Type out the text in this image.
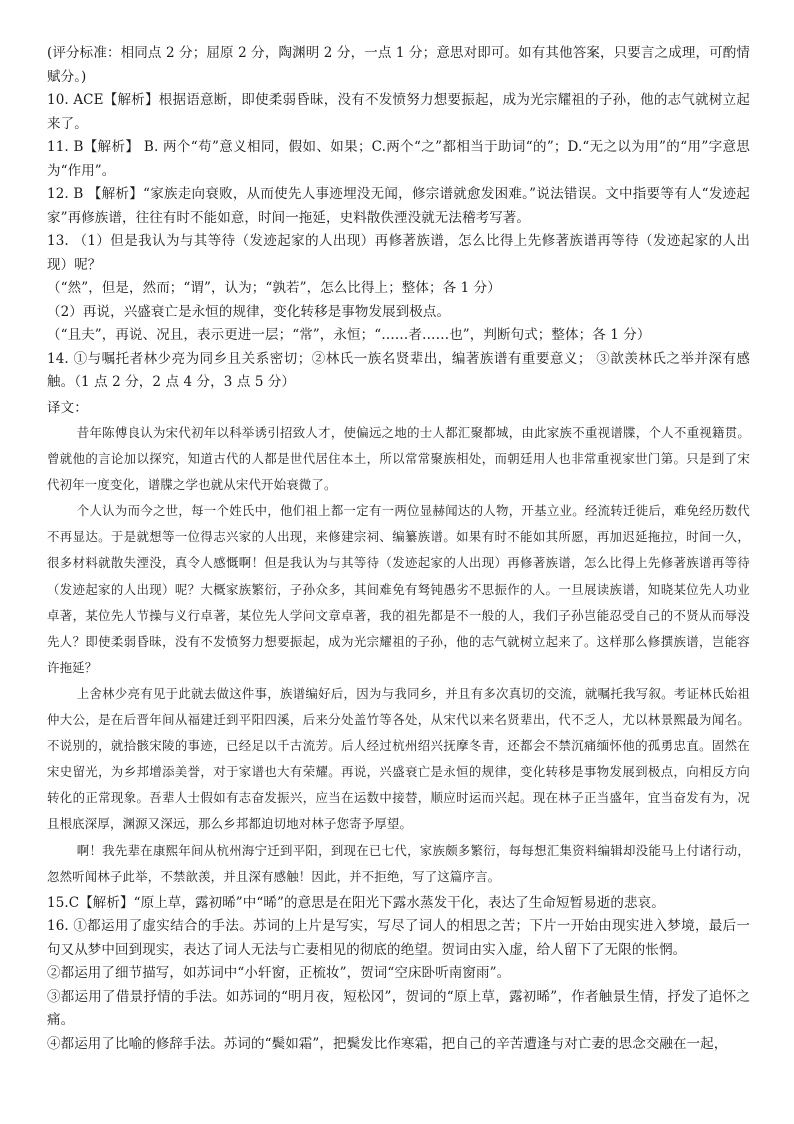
(评分标准：相同点 2 分；屈原 2 分，陶渊明 2 分，一点 1 分；意思对即可。如有其他答案，只要言之成理，可酌情赋分。)

10. ACE【解析】根据语意断，即使柔弱昏昧，没有不发愤努力想要振起，成为光宗耀祖的子孙，他的志气就树立起来了。

11. B【解析】 B. 两个“苟”意义相同，假如、如果；C.两个“之”都相当于助词“的”；D.“无之以为用”的“用”字意思为“作用”。

12. B 【解析】“家族走向衰败，从而使先人事迹埋没无闻，修宗谱就愈发困难。”说法错误。文中指要等有人“发迹起家”再修族谱，往往有时不能如意，时间一拖延，史料散佚湮没就无法稽考写著。

13. （1）但是我认为与其等待（发迹起家的人出现）再修著族谱，怎么比得上先修著族谱再等待（发迹起家的人出现）呢？

（“然”，但是，然而；“谓”，认为；“孰若”，怎么比得上；整体；各 1 分）

（2）再说，兴盛衰亡是永恒的规律，变化转移是事物发展到极点。

（“且夫”，再说、况且，表示更进一层；“常”，永恒；“……者……也”，判断句式；整体；各 1 分）

14. ①与嘱托者林少亮为同乡且关系密切；②林氏一族名贤辈出，编著族谱有重要意义； ③歆羡林氏之举并深有感触。（1 点 2 分，2 点 4 分，3 点 5 分）

译文：

昔年陈傅良认为宋代初年以科举诱引招致人才，使偏远之地的士人都汇聚都城，由此家族不重视谱牒，个人不重视籍贯。曾就他的言论加以探究，知道古代的人都是世代居住本土，所以常常聚族相处，而朝廷用人也非常重视家世门第。只是到了宋代初年一度变化，谱牒之学也就从宋代开始衰微了。

个人认为而今之世，每一个姓氏中，他们祖上都一定有一两位显赫闻达的人物，开基立业。经流转迁徙后，难免经历数代不再显达。于是就想等一位得志兴家的人出现，来修建宗祠、编纂族谱。如果有时不能如其所愿，再加迟延拖拉，时间一久，很多材料就散失湮没，真令人感慨啊！但是我认为与其等待（发迹起家的人出现）再修著族谱，怎么比得上先修著族谱再等待（发迹起家的人出现）呢？大概家族繁衍，子孙众多，其间难免有驽钝愚劣不思振作的人。一旦展读族谱，知晓某位先人功业卓著，某位先人节操与义行卓著，某位先人学问文章卓著，我的祖先都是不一般的人，我们子孙岂能忍受自己的不贤从而辱没先人？即使柔弱昏昧，没有不发愤努力想要振起，成为光宗耀祖的子孙，他的志气就树立起来了。这样那么修撰族谱，岂能容许拖延？

上舍林少亮有见于此就去做这件事，族谱编好后，因为与我同乡，并且有多次真切的交流，就嘱托我写叙。考证林氏始祖仲大公，是在后晋年间从福建迁到平阳四溪，后来分处盖竹等各处，从宋代以来名贤辈出，代不乏人，尤以林景熙最为闻名。不说别的，就拾骸宋陵的事迹，已经足以千古流芳。后人经过杭州绍兴抚摩冬青，还都会不禁沉痛缅怀他的孤勇忠直。固然在宋史留光，为乡邦增添美誉，对于家谱也大有荣耀。再说，兴盛衰亡是永恒的规律，变化转移是事物发展到极点，向相反方向转化的正常现象。吾辈人士假如有志奋发振兴，应当在运数中接替，顺应时运而兴起。现在林子正当盛年，宜当奋发有为，况且根底深厚，渊源又深远，那么乡邦都迫切地对林子您寄予厚望。

啊！我先辈在康熙年间从杭州海宁迁到平阳，到现在已七代，家族颇多繁衍，每每想汇集资料编辑却没能马上付诸行动，忽然听闻林子此举，不禁歆羡，并且深有感触！因此，并不拒绝，写了这篇序言。

15.C【解析】“原上草，露初晞”中“晞”的意思是在阳光下露水蒸发干化，表达了生命短暂易逝的悲哀。

16. ①都运用了虚实结合的手法。苏词的上片是写实，写尽了词人的相思之苦；下片一开始由现实进入梦境，最后一句又从梦中回到现实，表达了词人无法与亡妻相见的彻底的绝望。贺词由实入虚，给人留下了无限的怅惘。

②都运用了细节描写，如苏词中“小轩窗，正梳妆”，贺词“空床卧听南窗雨”。

③都运用了借景抒情的手法。如苏词的“明月夜，短松冈”，贺词的“原上草，露初晞”，作者触景生情，抒发了追怀之痛。

④都运用了比喻的修辞手法。苏词的“鬓如霜”，把鬓发比作寒霜，把自己的辛苦遭逢与对亡妻的思念交融在一起，
